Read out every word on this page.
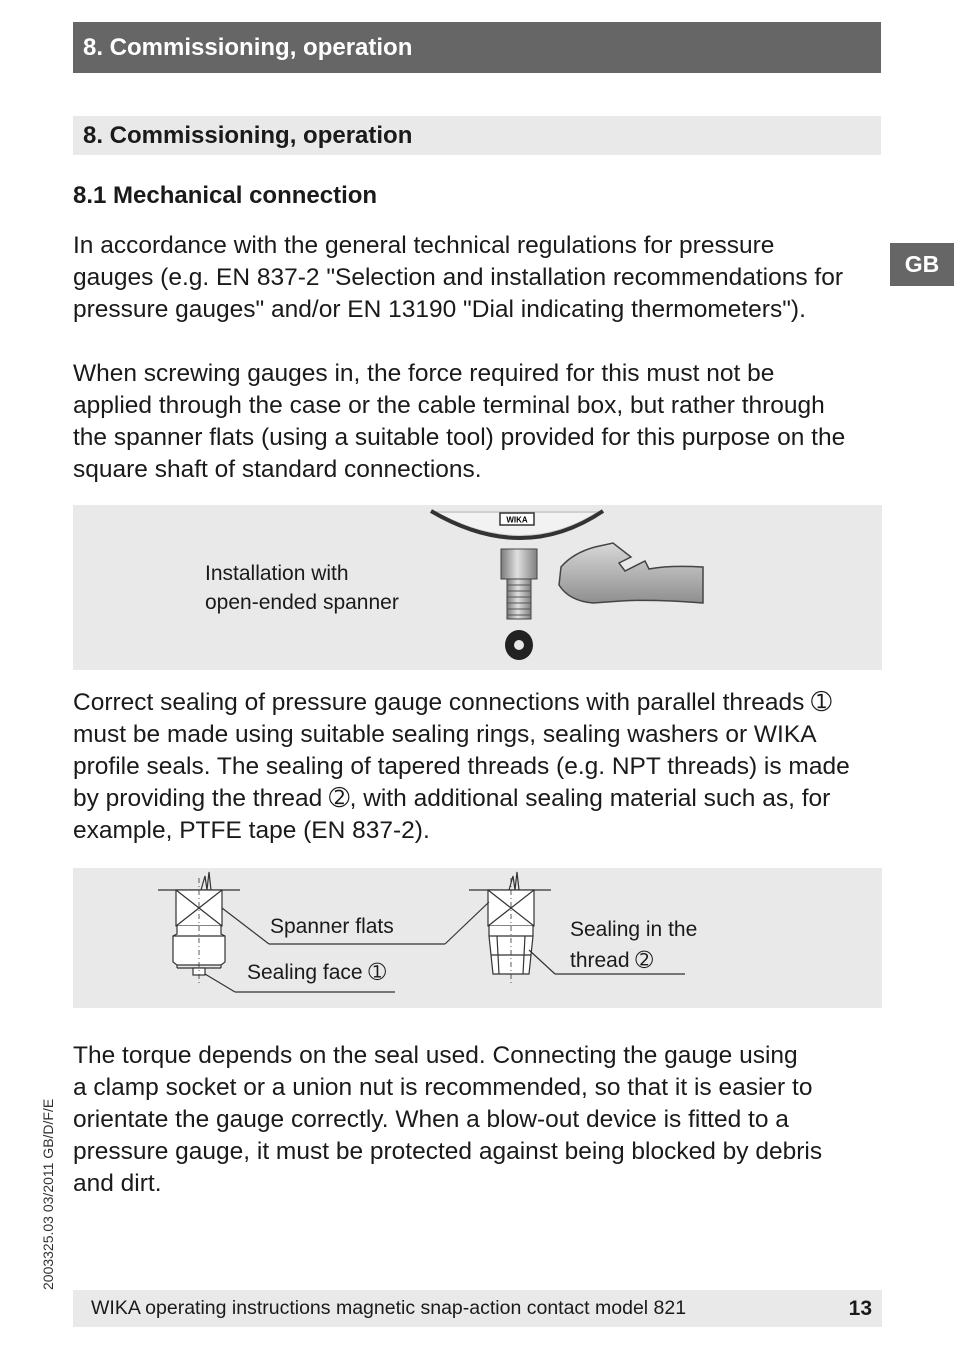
8. Commissioning, operation
8. Commissioning, operation
8.1 Mechanical connection
GB
In accordance with the general technical regulations for pressure
gauges (e.g. EN 837-2 "Selection and installation recommendations for
pressure gauges" and/or EN 13190 "Dial indicating thermometers").
When screwing gauges in, the force required for this must not be
applied through the case or the cable terminal box, but rather through
the spanner flats (using a suitable tool) provided for this purpose on the
square shaft of standard connections.
Installation with
open-ended spanner
WIKA
Correct sealing of pressure gauge connections with parallel threads ➀
must be made using suitable sealing rings, sealing washers or WIKA
profile seals. The sealing of tapered threads (e.g. NPT threads) is made
by providing the thread ➁, with additional sealing material such as, for
example, PTFE tape (EN 837-2).
Spanner flats
Sealing face ➀
Sealing in the
thread ➁
The torque depends on the seal used. Connecting the gauge using
a clamp socket or a union nut is recommended, so that it is easier to
orientate the gauge correctly. When a blow-out device is fitted to a
pressure gauge, it must be protected against being blocked by debris
and dirt.
2003325.03 03/2011 GB/D/F/E
WIKA operating instructions magnetic snap-action contact model 821	13
